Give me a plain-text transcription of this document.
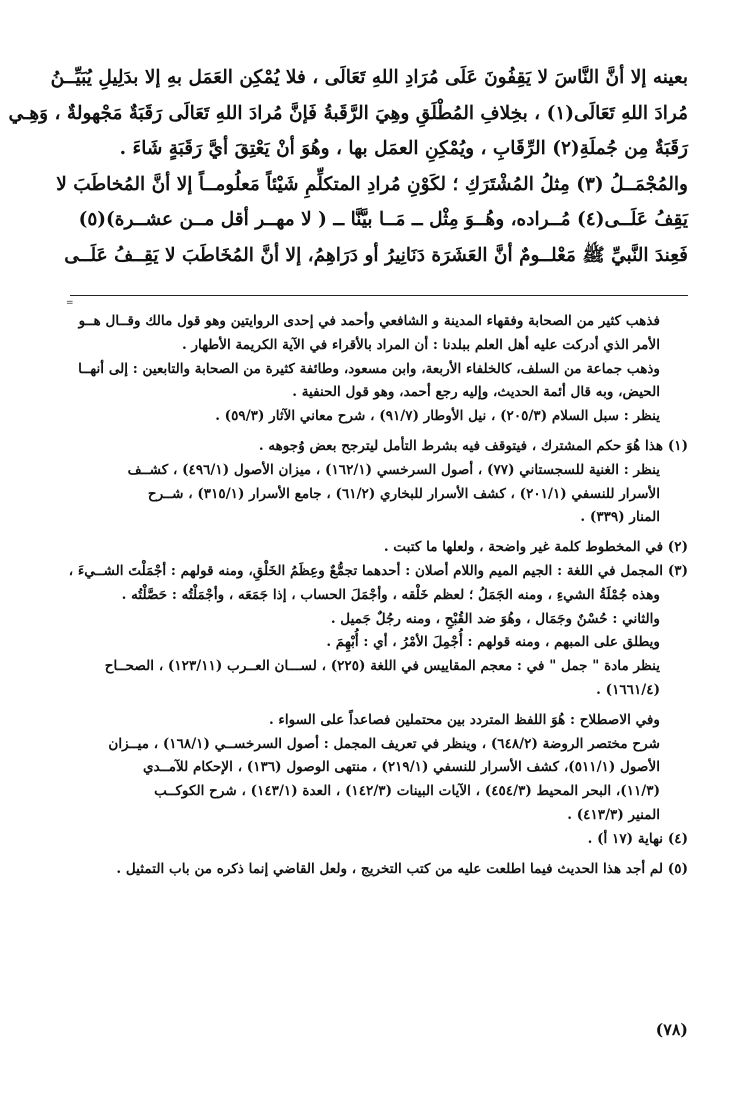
بعينه إلا أنَّ النَّاسَ لا يَقِفُونَ عَلَى مُرَادِ اللهِ تَعَالَى ، فلا يُمْكِن العَمَل بهِ إلا بدَلِيلِ يُبَيِّــنُ

مُرادَ اللهِ تَعَالَى(١) ، بخِلافِ المُطْلَقِ وهِيَ الرَّقَبةُ فَإنَّ مُرادَ اللهِ تَعَالَى رَقَبَةٌ مَجْهولةٌ ، وَهِـي

رَقَبَةٌ مِن جُملَةِ(٢) الرِّقَابِ ، ويُمْكِنِ العمَل بها ، وهُوَ أنْ يَعْتِقَ أيَّ رَقَبَةٍ شَاءَ .

والمُجْمَــلُ (٣) مِثلُ المُشْتَرَكِ ؛ لكَوْنِ مُرادِ المتكلِّمِ شَيْئاً مَعلُومــاً إلا أنَّ المُخاطَبَ لا

يَقِفُ عَلَــى(٤) مُــراده، وهُــوَ مِثْل ــ مَــا بيَّنَّا ــ ( لا مهــر أقل مــن عشــرة)(٥)

فَعِندَ النَّبيِّ ﷺ مَعْلــومٌ أنَّ العَشَرَة دَنَانِيرُ أو دَرَاهِمُ، إلا أنَّ المُخَاطَبَ لا يَقِــفُ عَلَــى

=

فذهب كثير من الصحابة وفقهاء المدينة و الشافعي وأحمد في إحدى الروايتين وهو قول مالك وقــال هــو

الأمر الذي أدركت عليه أهل العلم ببلدنا : أن المراد بالأقراء في الآية الكريمة الأطهار .

وذهب جماعة من السلف، كالخلفاء الأربعة، وابن مسعود، وطائفة كثيرة من الصحابة والتابعين : إلى أنهــا

الحيض، وبه قال أئمة الحديث، وإليه رجع أحمد، وهو قول الحنفية .

ينظر : سبل السلام (٢٠٥/٣) ، نيل الأوطار (٩١/٧) ، شرح معاني الآثار (٥٩/٣) .

(١) هذا هُوَ حكم المشترك ، فيتوقف فيه بشرط التأمل ليترجح بعض وُجوهه .

ينظر : الغنية للسجستاني (٧٧) ، أصول السرخسي (١٦٢/١) ، ميزان الأصول (٤٩٦/١) ، كشــف

الأسرار للنسفي (٢٠١/١) ، كشف الأسرار للبخاري (٦١/٢) ، جامع الأسرار (٣١٥/١) ، شــرح

المنار (٣٣٩) .

(٢) في المخطوط كلمة غير واضحة ، ولعلها ما كتبت .

(٣) المجمل في اللغة : الجيم الميم واللام أصلان : أحدهما تجمُّعٌ وعِظَمُ الخَلْقِ، ومنه قولهم : أجْمَلْتَ الشــيءَ ،

وهذه جُمْلَةُ الشيءِ ، ومنه الجَمَلُ ؛ لعظم خَلْقه ، وأجْمَلَ الحساب ، إذا جَمَعَه ، وأجْمَلْتُه : حَصَّلْتُه .

والثاني : حُسْنٌ وجَمَال ، وهُوَ ضد القُبْحِ ، ومنه رجُلٌ جَميل .

ويطلق على المبهم ، ومنه قولهم : أُجْمِلَ الأمْرُ ، أي : أُبْهِمَ .

ينظر مادة " جمل " في : معجم المقاييس في اللغة (٢٢٥) ، لســـان العــرب (١٢٣/١١) ، الصحــاح

(١٦٦١/٤) .

وفي الاصطلاح : هُوَ اللفظ المتردد بين محتملين فصاعداً على السواء .

شرح مختصر الروضة (٦٤٨/٢) ، وينظر في تعريف المجمل : أصول السرخســي (١٦٨/١) ، ميــزان

الأصول (٥١١/١)، كشف الأسرار للنسفي (٢١٩/١) ، منتهى الوصول (١٣٦) ، الإحكام للآمــدي

(١١/٣)، البحر المحيط (٤٥٤/٣) ، الآيات البينات (١٤٢/٣) ، العدة (١٤٣/١) ، شرح الكوكــب

المنير (٤١٣/٣) .

(٤) نهاية (١٧ أ) .

(٥) لم أجد هذا الحديث فيما اطلعت عليه من كتب التخريج ، ولعل القاضي إنما ذكره من باب التمثيل .

(٧٨)
